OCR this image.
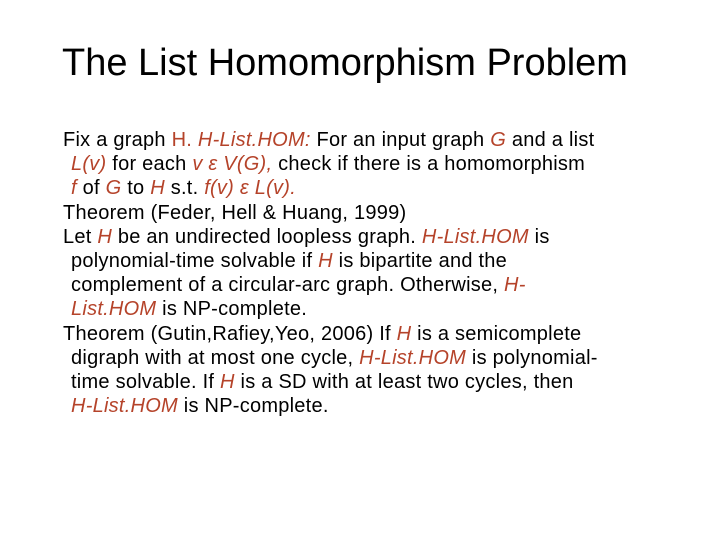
The List Homomorphism Problem
Fix a graph H. H-List.HOM: For an input graph G and a list
L(v) for each v ε V(G), check if there is a homomorphism
f of G to H s.t. f(v) ε L(v).
Theorem (Feder, Hell & Huang, 1999)
Let H be an undirected loopless graph. H-List.HOM is
polynomial-time solvable if H is bipartite and the
complement of a circular-arc graph. Otherwise, H-
List.HOM is NP-complete.
Theorem (Gutin,Rafiey,Yeo, 2006) If H is a semicomplete
digraph with at most one cycle, H-List.HOM is polynomial-
time solvable. If H is a SD with at least two cycles, then
H-List.HOM is NP-complete.
